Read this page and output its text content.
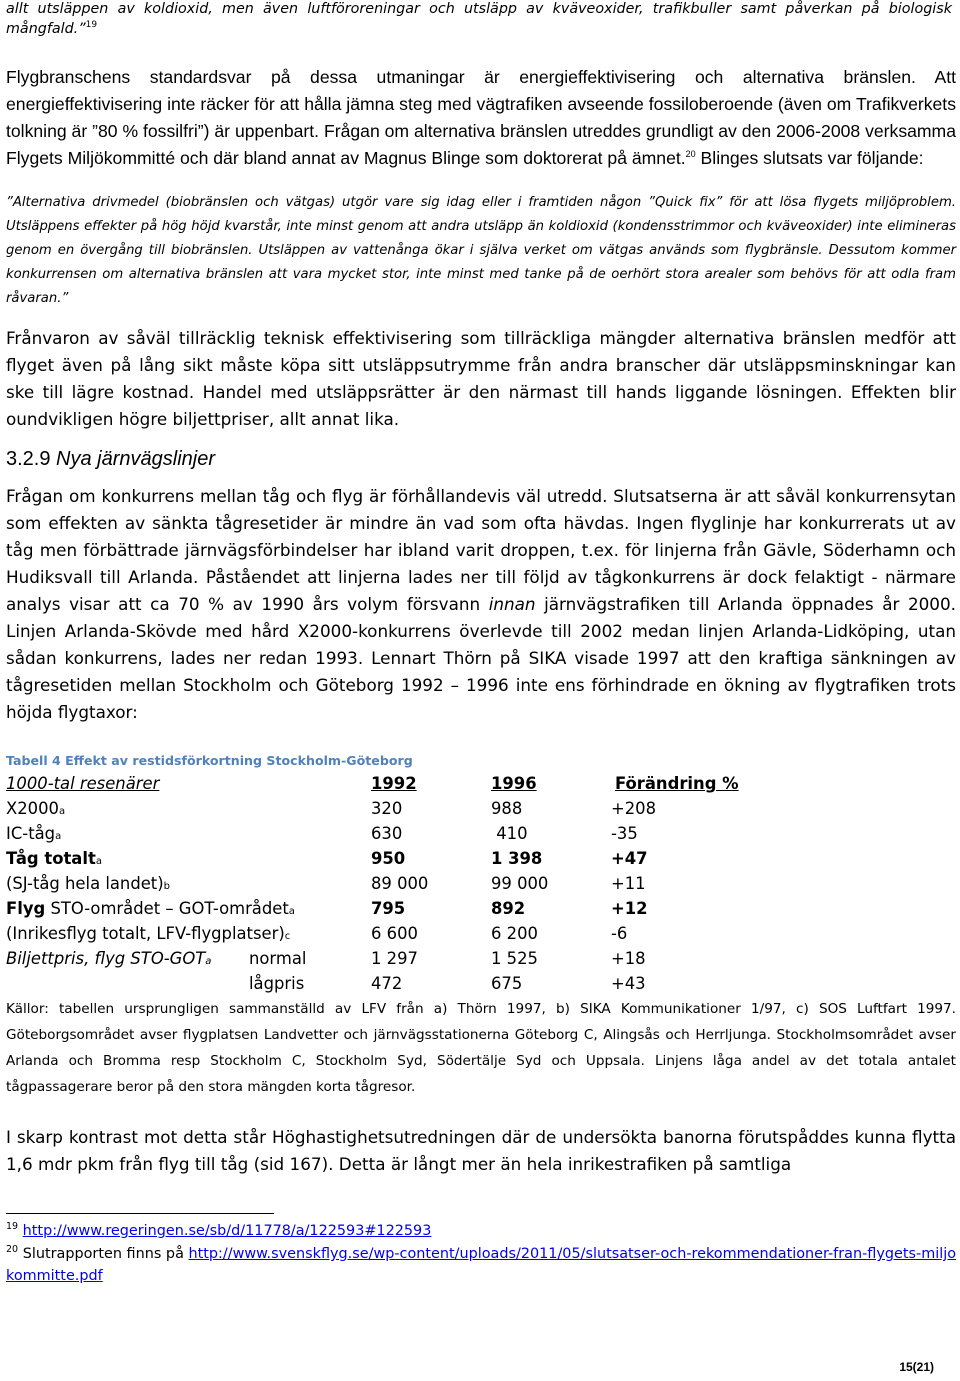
allt utsläppen av koldioxid, men även luftföroreningar och utsläpp av kväveoxider, trafikbuller samt påverkan på biologisk mångfald.”$^{19}$

Flygbranschens standardsvar på dessa utmaningar är energieffektivisering och alternativa bränslen. Att energieffektivisering inte räcker för att hålla jämna steg med vägtrafiken avseende fossiloberoende (även om Trafikverkets tolkning är ”80 % fossilfri”) är uppenbart. Frågan om alternativa bränslen utreddes grundligt av den 2006-2008 verksamma Flygets Miljökommitté och där bland annat av Magnus Blinge som doktorerat på ämnet.$^{20}$ Blinges slutsats var följande:

”Alternativa drivmedel (biobränslen och vätgas) utgör vare sig idag eller i framtiden någon ”Quick fix” för att lösa flygets miljöproblem. Utsläppens effekter på hög höjd kvarstår, inte minst genom att andra utsläpp än koldioxid (kondensstrimmor och kväveoxider) inte elimineras genom en övergång till biobränslen. Utsläppen av vattenånga ökar i själva verket om vätgas används som flygbränsle. Dessutom kommer konkurrensen om alternativa bränslen att vara mycket stor, inte minst med tanke på de oerhört stora arealer som behövs för att odla fram råvaran.”

Frånvaron av såväl tillräcklig teknisk effektivisering som tillräckliga mängder alternativa bränslen medför att flyget även på lång sikt måste köpa sitt utsläppsutrymme från andra branscher där utsläppsminskningar kan ske till lägre kostnad. Handel med utsläppsrätter är den närmast till hands liggande lösningen. Effekten blir oundvikligen högre biljettpriser, allt annat lika.

3.2.9 Nya järnvägslinjer

Frågan om konkurrens mellan tåg och flyg är förhållandevis väl utredd. Slutsatserna är att såväl konkurrensytan som effekten av sänkta tågresetider är mindre än vad som ofta hävdas. Ingen flyglinje har konkurrerats ut av tåg men förbättrade järnvägsförbindelser har ibland varit droppen, t.ex. för linjerna från Gävle, Söderhamn och Hudiksvall till Arlanda. Påståendet att linjerna lades ner till följd av tågkonkurrens är dock felaktigt - närmare analys visar att ca 70 % av 1990 års volym försvann innan järnvägstrafiken till Arlanda öppnades år 2000. Linjen Arlanda-Skövde med hård X2000-konkurrens överlevde till 2002 medan linjen Arlanda-Lidköping, utan sådan konkurrens, lades ner redan 1993. Lennart Thörn på SIKA visade 1997 att den kraftiga sänkningen av tågresetiden mellan Stockholm och Göteborg 1992 – 1996 inte ens förhindrade en ökning av flygtrafiken trots höjda flygtaxor:

Tabell 4 Effekt av restidsförkortning Stockholm-Göteborg
1000-tal resenärer	1992	1996	Förändring %
X2000a	320	988	+208
IC-tåga	630	410	-35
Tåg totalta	950	1 398	+47
(SJ-tåg hela landet)b	89 000	99 000	+11
Flyg STO-området – GOT-områdeta	795	892	+12
(Inrikesflyg totalt, LFV-flygplatser)c	6 600	6 200	-6
Biljettpris, flyg STO-GOTa normal	1 297	1 525	+18

lågpris	472	675	+43

Källor: tabellen ursprungligen sammanställd av LFV från a) Thörn 1997, b) SIKA Kommunikationer 1/97, c) SOS Luftfart 1997. Göteborgsområdet avser flygplatsen Landvetter och järnvägsstationerna Göteborg C, Alingsås och Herrljunga. Stockholmsområdet avser Arlanda och Bromma resp Stockholm C, Stockholm Syd, Södertälje Syd och Uppsala. Linjens låga andel av det totala antalet tågpassagerare beror på den stora mängden korta tågresor.

I skarp kontrast mot detta står Höghastighetsutredningen där de undersökta banorna förutspåddes kunna flytta 1,6 mdr pkm från flyg till tåg (sid 167). Detta är långt mer än hela inrikestrafiken på samtliga

$^{19}$ http://www.regeringen.se/sb/d/11778/a/122593#122593
$^{20}$ Slutrapporten finns på http://www.svenskflyg.se/wp-content/uploads/2011/05/slutsatser-och-rekommendationer-fran-flygets-miljokommitte.pdf
15(21)
